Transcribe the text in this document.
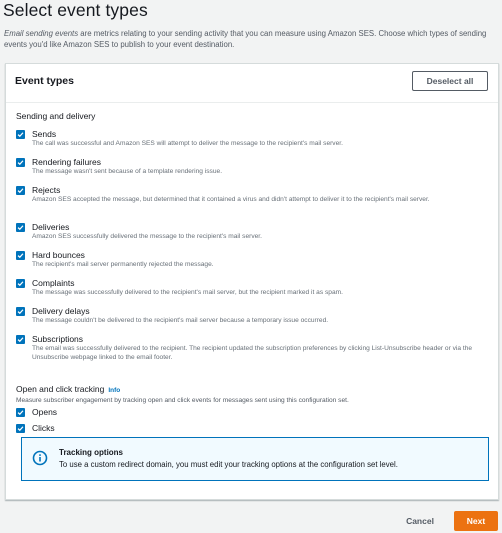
Select event types
Email sending events are metrics relating to your sending activity that you can measure using Amazon SES. Choose which types of sending events you'd like Amazon SES to publish to your event destination.
Event types	Deselect all
Sending and delivery
Sends
The call was successful and Amazon SES will attempt to deliver the message to the recipient's mail server.
Rendering failures
The message wasn't sent because of a template rendering issue.
Rejects
Amazon SES accepted the message, but determined that it contained a virus and didn't attempt to deliver it to the recipient's mail server.
Deliveries
Amazon SES successfully delivered the message to the recipient's mail server.
Hard bounces
The recipient's mail server permanently rejected the message.
Complaints
The message was successfully delivered to the recipient's mail server, but the recipient marked it as spam.
Delivery delays
The message couldn't be delivered to the recipient's mail server because a temporary issue occurred.
Subscriptions
The email was successfully delivered to the recipient. The recipient updated the subscription preferences by clicking List-Unsubscribe header or via the Unsubscribe webpage linked to the email footer.
Open and click tracking Info
Measure subscriber engagement by tracking open and click events for messages sent using this configuration set.
Opens
Clicks
Tracking options
To use a custom redirect domain, you must edit your tracking options at the configuration set level.
Cancel	Next
